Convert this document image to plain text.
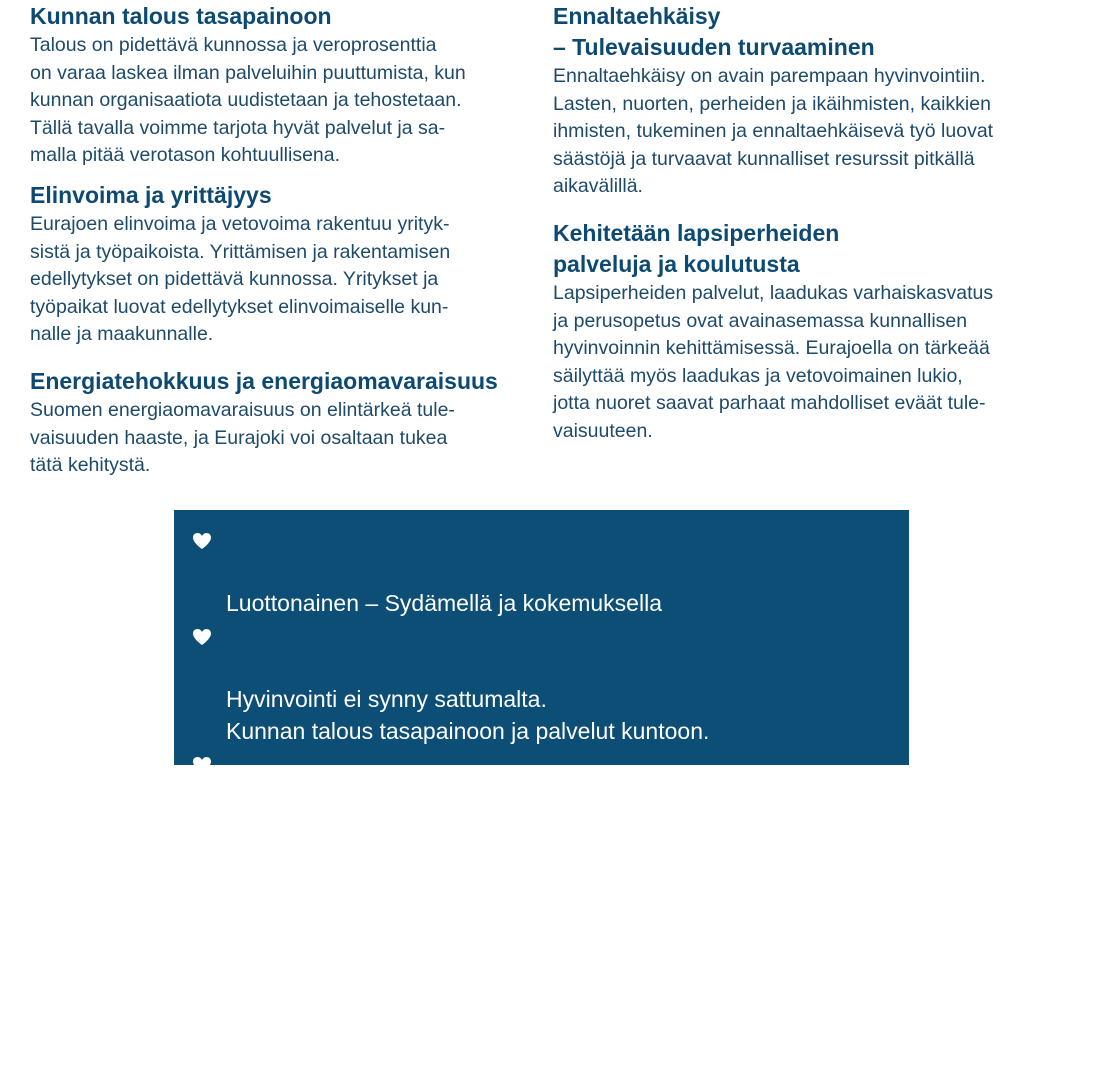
Kunnan talous tasapainoon

Talous on pidettävä kunnossa ja veroprosenttia
on varaa laskea ilman palveluihin puuttumista, kun
kunnan organisaatiota uudistetaan ja tehostetaan.
Tällä tavalla voimme tarjota hyvät palvelut ja sa-
malla pitää verotason kohtuullisena.

Elinvoima ja yrittäjyys

Eurajoen elinvoima ja vetovoima rakentuu yrityk-
sistä ja työpaikoista. Yrittämisen ja rakentamisen
edellytykset on pidettävä kunnossa. Yritykset ja
työpaikat luovat edellytykset elinvoimaiselle kun-
nalle ja maakunnalle.

Energiatehokkuus ja energiaomavaraisuus

Suomen energiaomavaraisuus on elintärkeä tule-
vaisuuden haaste, ja Eurajoki voi osaltaan tukea
tätä kehitystä.

Ennaltaehkäisy
– Tulevaisuuden turvaaminen

Ennaltaehkäisy on avain parempaan hyvinvointiin.
Lasten, nuorten, perheiden ja ikäihmisten, kaikkien
ihmisten, tukeminen ja ennaltaehkäisevä työ luovat
säästöjä ja turvaavat kunnalliset resurssit pitkällä
aikavälillä.

Kehitetään lapsiperheiden
palveluja ja koulutusta

Lapsiperheiden palvelut, laadukas varhaiskasvatus
ja perusopetus ovat avainasemassa kunnallisen
hyvinvoinnin kehittämisessä. Eurajoella on tärkeää
säilyttää myös laadukas ja vetovoimainen lukio,
jotta nuoret saavat parhaat mahdolliset eväät tule-
vaisuuteen.

Luottonainen – Sydämellä ja kokemuksella

Hyvinvointi ei synny sattumalta.
Kunnan talous tasapainoon ja palvelut kuntoon.

Yritysmyönteinen kunta – Tukea yrittäjille ja työpaikoille.

Lapsiperheiden palvelut kuntoon
– Laadukas varhaiskasvatus ja perusopetus.

Eurajoki on Satakunnan paras paikka asua, elää ja yrittää.
